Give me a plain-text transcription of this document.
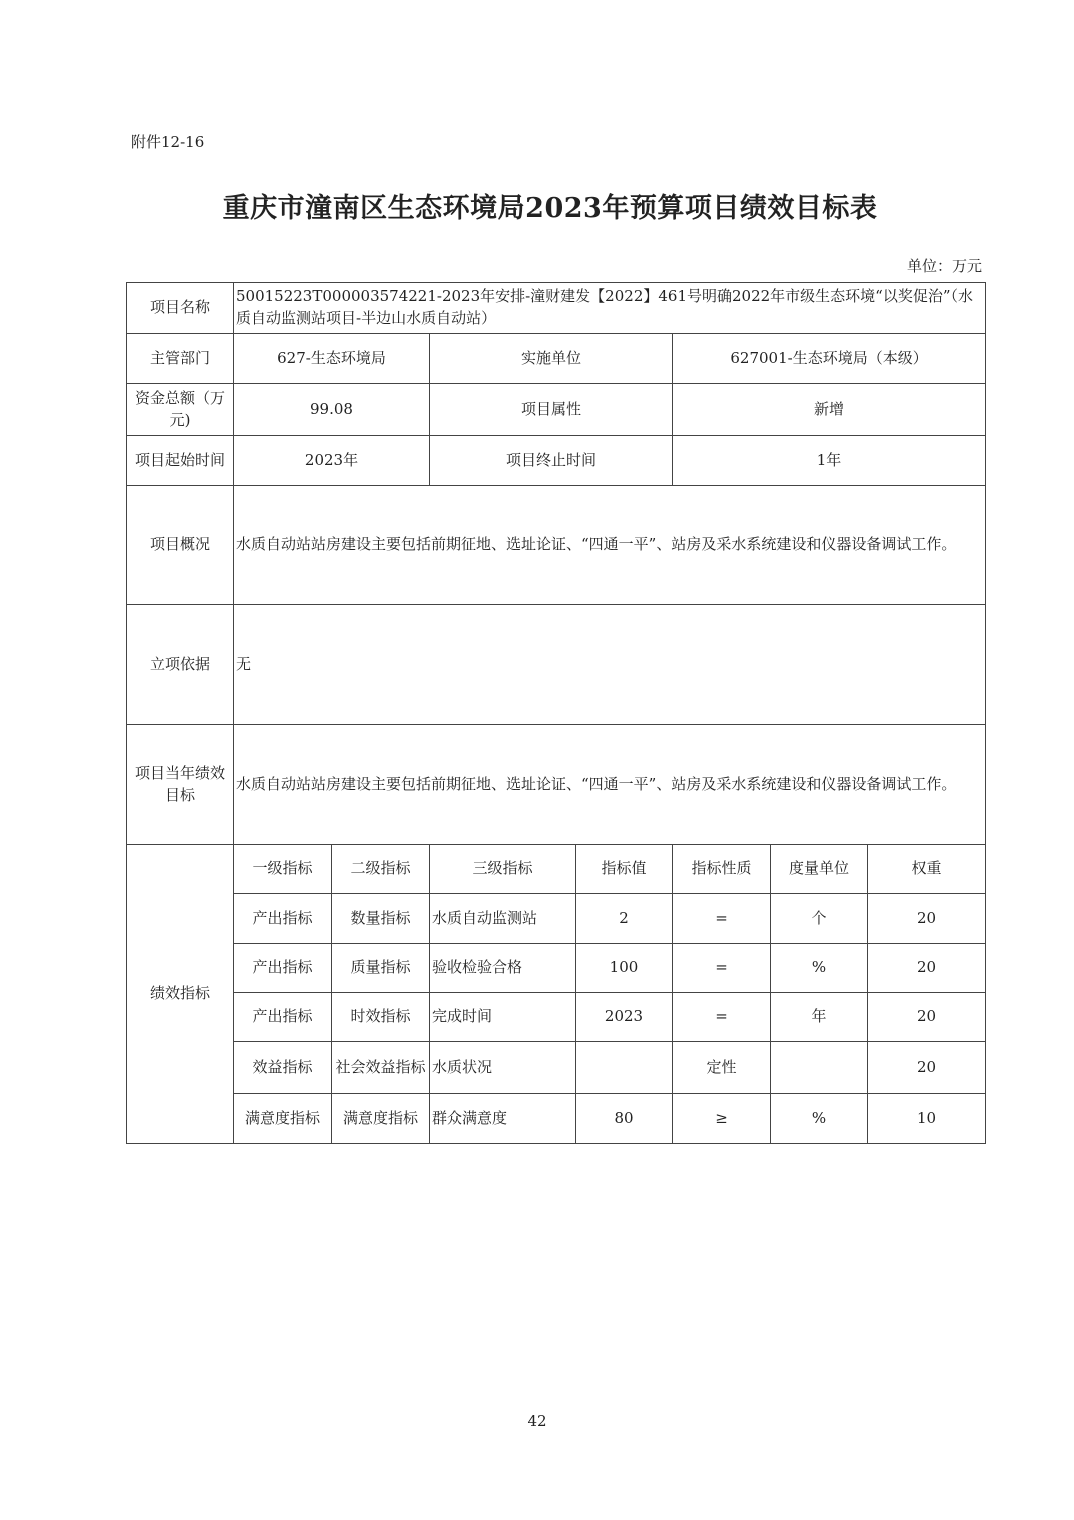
附件12-16
重庆市潼南区生态环境局2023年预算项目绩效目标表
单位：万元
项目名称	50015223T000003574221-2023年安排-潼财建发【2022】461号明确2022年市级生态环境“以奖促治”（水质自动监测站项目-半边山水质自动站）						
主管部门	627-生态环境局		实施单位		627001-生态环境局（本级）		
资金总额（万元)	99.08		项目属性		新增		
项目起始时间	2023年		项目终止时间		1年		
项目概况	水质自动站站房建设主要包括前期征地、选址论证、“四通一平”、站房及采水系统建设和仪器设备调试工作。						
立项依据	无						
项目当年绩效目标	水质自动站站房建设主要包括前期征地、选址论证、“四通一平”、站房及采水系统建设和仪器设备调试工作。						
绩效指标	一级指标	二级指标	三级指标	指标值	指标性质	度量单位	权重
	产出指标	数量指标	水质自动监测站	2	=	个	20
	产出指标	质量指标	验收检验合格	100	=	%	20
	产出指标	时效指标	完成时间	2023	=	年	20
	效益指标	社会效益指标	水质状况		定性		20
	满意度指标	满意度指标	群众满意度	80	≥	%	10
42
